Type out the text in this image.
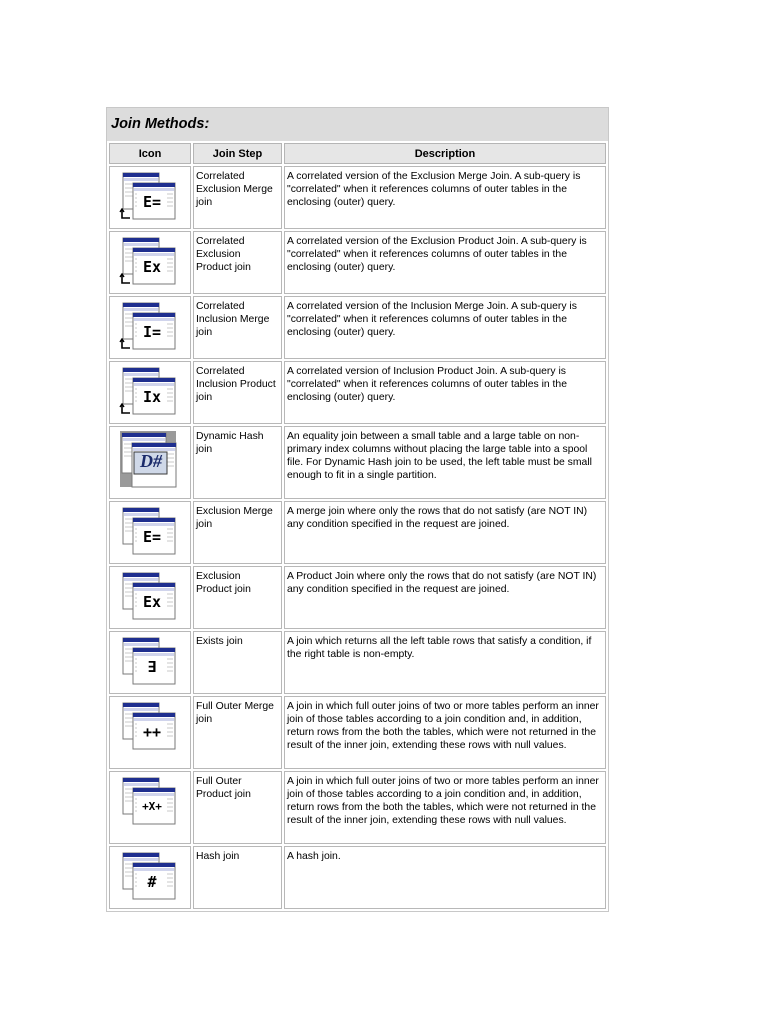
Join Methods:
Icon	Join Step	Description

E=	Correlated Exclusion Merge join	A correlated version of the Exclusion Merge Join. A sub-query is "correlated" when it references columns of outer tables in the enclosing (outer) query.

Ex	Correlated Exclusion Product join	A correlated version of the Exclusion Product Join. A sub-query is "correlated" when it references columns of outer tables in the enclosing (outer) query.

I=	Correlated Inclusion Merge join	A correlated version of the Inclusion Merge Join. A sub-query is "correlated" when it references columns of outer tables in the enclosing (outer) query.

Ix	Correlated Inclusion Product join	A correlated version of Inclusion Product Join. A sub-query is "correlated" when it references columns of outer tables in the enclosing (outer) query.

D#	Dynamic Hash join	An equality join between a small table and a large table on non-primary index columns without placing the large table into a spool file. For Dynamic Hash join to be used, the left table must be small enough to fit in a single partition.

E=	Exclusion Merge join	A merge join where only the rows that do not satisfy (are NOT IN) any condition specified in the request are joined.

Ex	Exclusion Product join	A Product Join where only the rows that do not satisfy (are NOT IN) any condition specified in the request are joined.

∃	Exists join	A join which returns all the left table rows that satisfy a condition, if the right table is non-empty.

++	Full Outer Merge join	A join in which full outer joins of two or more tables perform an inner join of those tables according to a join condition and, in addition, return rows from the both the tables, which were not returned in the result of the inner join, extending these rows with null values.

+X+	Full Outer Product join	A join in which full outer joins of two or more tables perform an inner join of those tables according to a join condition and, in addition, return rows from the both the tables, which were not returned in the result of the inner join, extending these rows with null values.

#	Hash join	A hash join.
